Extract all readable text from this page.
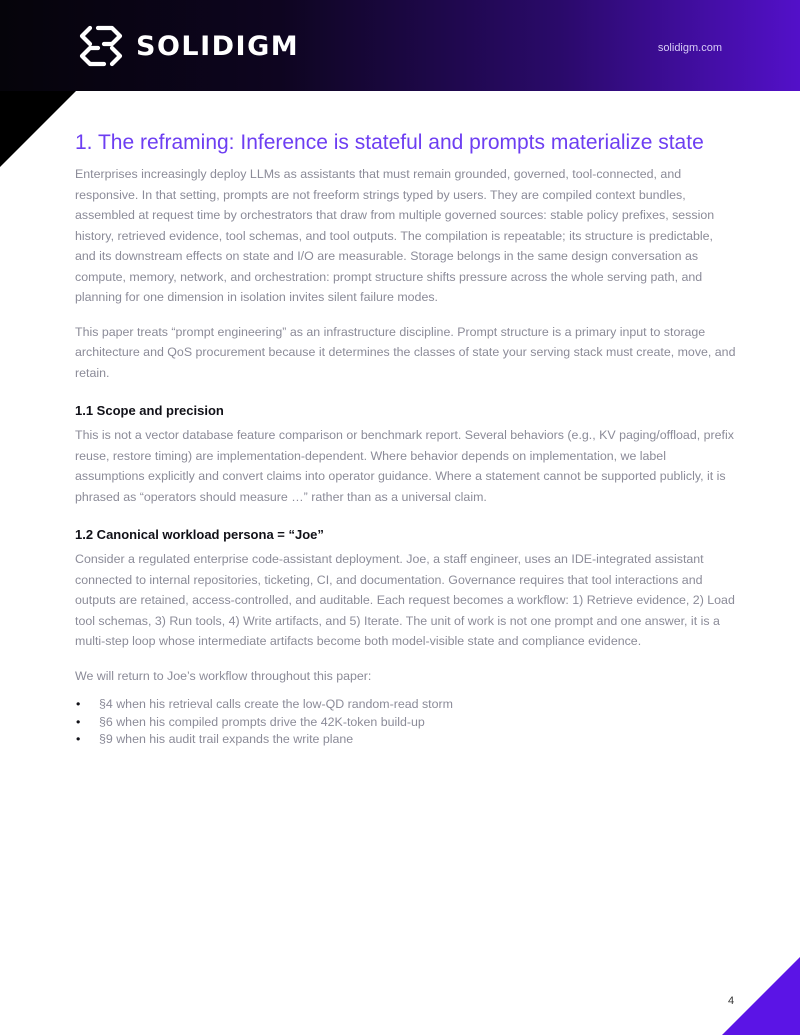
SOLIDIGM	solidigm.com
1. The reframing: Inference is stateful and prompts materialize state

Enterprises increasingly deploy LLMs as assistants that must remain grounded, governed, tool-connected, and responsive. In that setting, prompts are not freeform strings typed by users. They are compiled context bundles, assembled at request time by orchestrators that draw from multiple governed sources: stable policy prefixes, session history, retrieved evidence, tool schemas, and tool outputs. The compilation is repeatable; its structure is predictable, and its downstream effects on state and I/O are measurable. Storage belongs in the same design conversation as compute, memory, network, and orchestration: prompt structure shifts pressure across the whole serving path, and planning for one dimension in isolation invites silent failure modes.

This paper treats “prompt engineering” as an infrastructure discipline. Prompt structure is a primary input to storage architecture and QoS procurement because it determines the classes of state your serving stack must create, move, and retain.

1.1 Scope and precision

This is not a vector database feature comparison or benchmark report. Several behaviors (e.g., KV paging/offload, prefix reuse, restore timing) are implementation-dependent. Where behavior depends on implementation, we label assumptions explicitly and convert claims into operator guidance. Where a statement cannot be supported publicly, it is phrased as “operators should measure …” rather than as a universal claim.

1.2 Canonical workload persona = “Joe”

Consider a regulated enterprise code-assistant deployment. Joe, a staff engineer, uses an IDE-integrated assistant connected to internal repositories, ticketing, CI, and documentation. Governance requires that tool interactions and outputs are retained, access-controlled, and auditable. Each request becomes a workflow: 1) Retrieve evidence, 2) Load tool schemas, 3) Run tools, 4) Write artifacts, and 5) Iterate. The unit of work is not one prompt and one answer, it is a multi-step loop whose intermediate artifacts become both model-visible state and compliance evidence.

We will return to Joe’s workflow throughout this paper:

• §4 when his retrieval calls create the low-QD random-read storm
• §6 when his compiled prompts drive the 42K-token build-up
• §9 when his audit trail expands the write plane
4
